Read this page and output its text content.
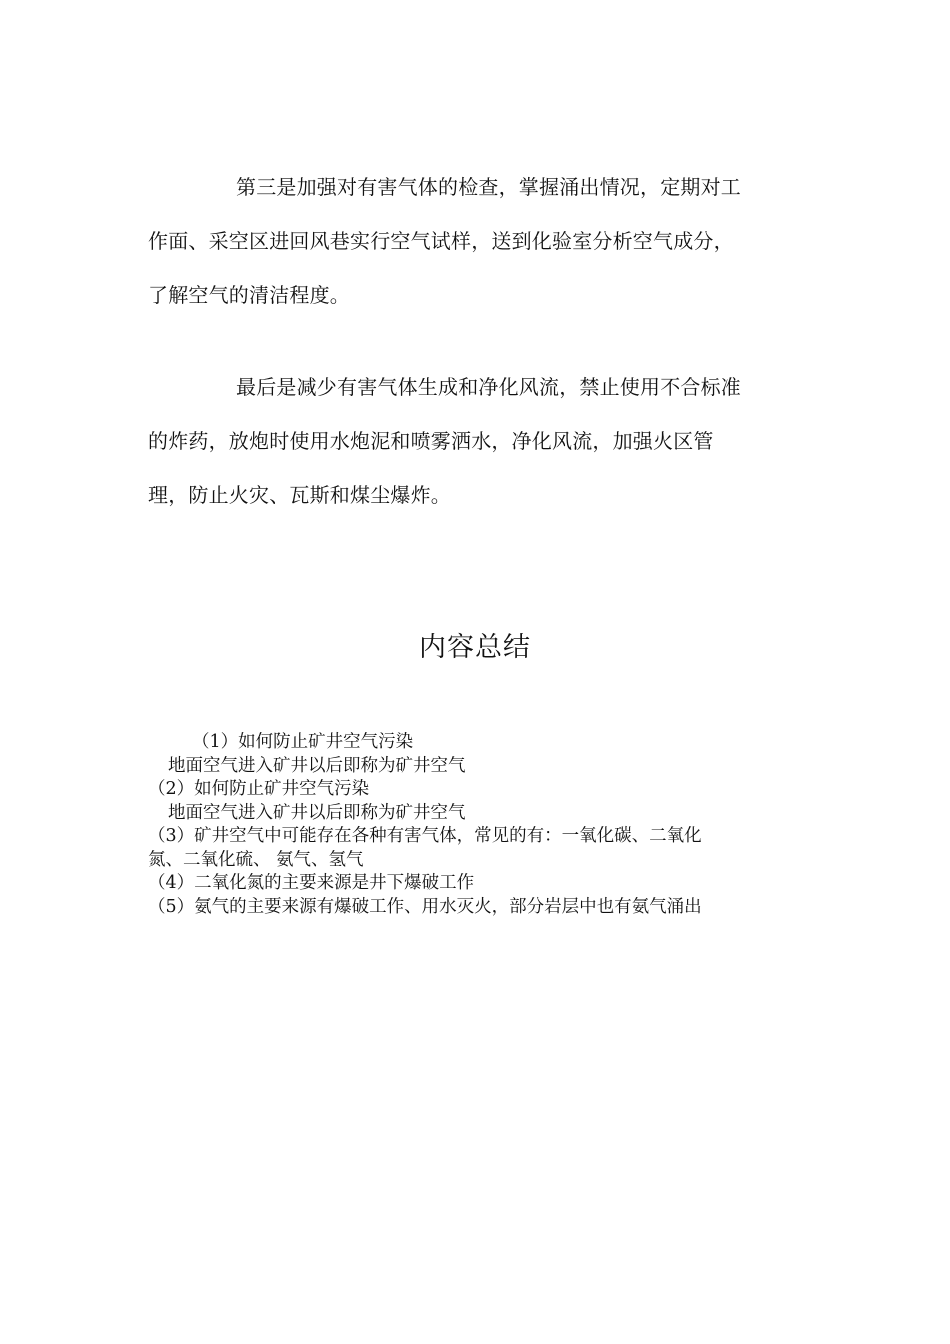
第三是加强对有害气体的检查，掌握涌出情况，定期对工
作面、采空区进回风巷实行空气试样，送到化验室分析空气成分，
了解空气的清洁程度。
最后是减少有害气体生成和净化风流，禁止使用不合标准
的炸药，放炮时使用水炮泥和喷雾洒水，净化风流，加强火区管
理，防止火灾、瓦斯和煤尘爆炸。
内容总结
（1）如何防止矿井空气污染
地面空气进入矿井以后即称为矿井空气
（2）如何防止矿井空气污染
地面空气进入矿井以后即称为矿井空气
（3）矿井空气中可能存在各种有害气体，常见的有：一氧化碳、二氧化
氮、二氧化硫、 氨气、氢气
（4）二氧化氮的主要来源是井下爆破工作
（5）氨气的主要来源有爆破工作、用水灭火，部分岩层中也有氨气涌出
